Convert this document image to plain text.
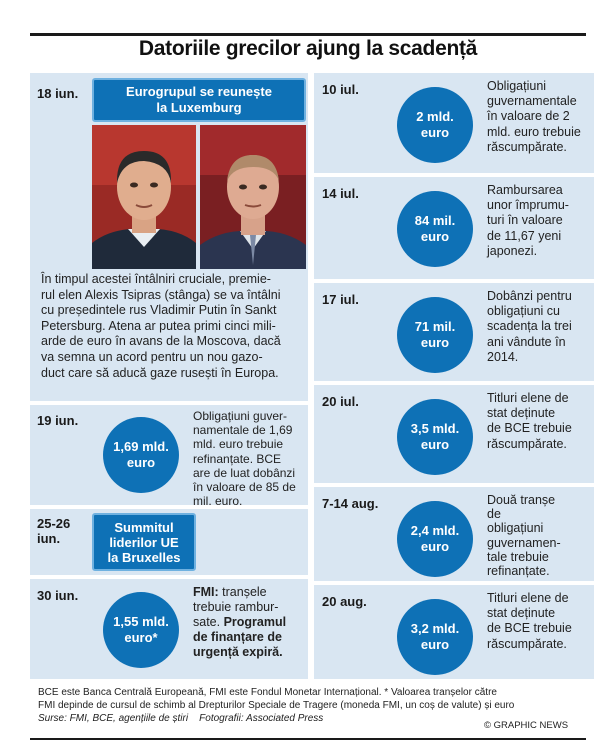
Datoriile grecilor ajung la scadență
18 iun.	Eurogrupul se reunește
la Luxemburg
În timpul acestei întâlniri cruciale, premie-
rul elen Alexis Tsipras (stânga) se va întâlni
cu președintele rus Vladimir Putin în Sankt
Petersburg. Atena ar putea primi cinci mili-
arde de euro în avans de la Moscova, dacă
va semna un acord pentru un nou gazo-
duct care să aducă gaze rusești în Europa.
19 iun.
1,69 mld.
euro
Obligațiuni guver-
namentale de 1,69
mld. euro trebuie
refinanțate. BCE
are de luat dobânzi
în valoare de 85 de
mil. euro.
25-26
iun.
Summitul
liderilor UE
la Bruxelles
30 iun.
1,55 mld.
euro*
FMI: tranșele
trebuie rambur-
sate. Programul
de finanțare de
urgență expiră.
10 iul.
2 mld.
euro
Obligațiuni
guvernamentale
în valoare de 2
mld. euro trebuie
răscumpărate.
14 iul.
84 mil.
euro
Rambursarea
unor împrumu-
turi în valoare
de 11,67 yeni
japonezi.
17 iul.
71 mil.
euro
Dobânzi pentru
obligațiuni cu
scadența la trei
ani vândute în
2014.
20 iul.
3,5 mld.
euro
Titluri elene de
stat deținute
de BCE trebuie
răscumpărate.
7-14 aug.
2,4 mld.
euro
Două tranșe
de
obligațiuni
guvernamen-
tale trebuie
refinanțate.
20 aug.
3,2 mld.
euro
Titluri elene de
stat deținute
de BCE trebuie
răscumpărate.
BCE este Banca Centrală Europeană, FMI este Fondul Monetar Internațional. * Valoarea tranșelor către
FMI depinde de cursul de schimb al Drepturilor Speciale de Tragere (moneda FMI, un coș de valute) și euro
Surse: FMI, BCE, agențiile de știri    Fotografii: Associated Press
© GRAPHIC NEWS
